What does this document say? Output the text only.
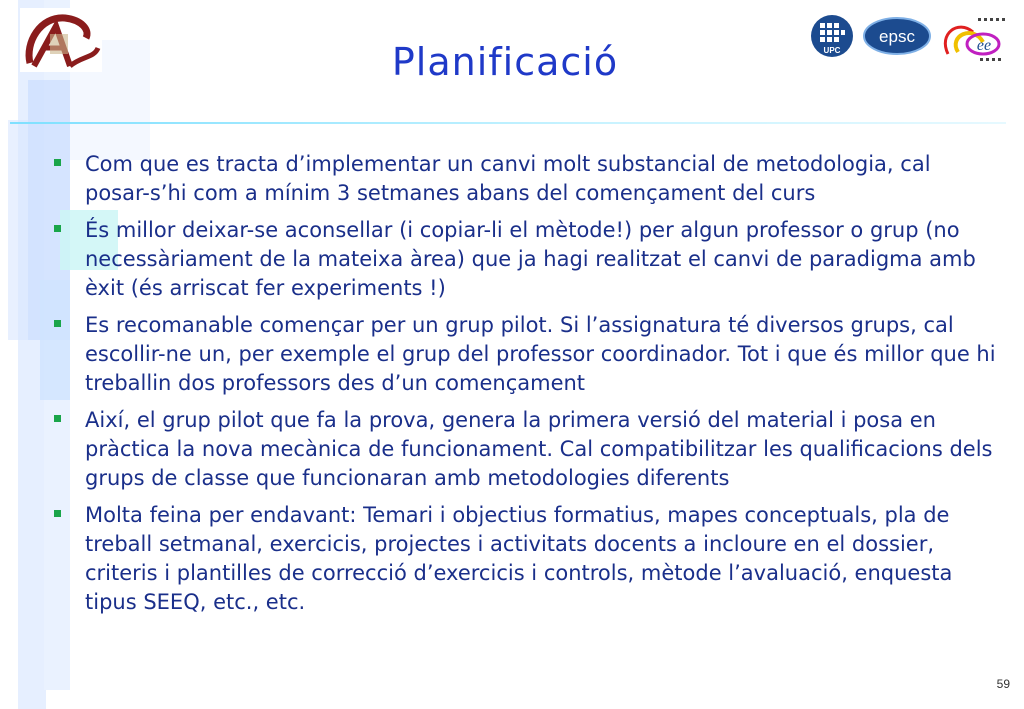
UPC
epsc	ee
Planificació
Com que es tracta d’implementar un canvi molt substancial de metodologia, cal posar-s’hi com a mínim 3 setmanes abans del començament del curs
És millor deixar-se aconsellar (i copiar-li el mètode!) per algun professor o grup (no necessàriament de la mateixa àrea) que ja hagi realitzat el canvi de paradigma amb èxit (és arriscat fer experiments !)
Es recomanable començar per un grup pilot. Si l’assignatura té diversos grups, cal escollir-ne un, per exemple el grup del professor coordinador. Tot i que és millor que hi treballin dos professors des d’un començament
Així, el grup pilot que fa la prova, genera la primera versió del material i posa en pràctica la nova mecànica de funcionament. Cal compatibilitzar les qualificacions dels grups de classe que funcionaran amb metodologies diferents
Molta feina per endavant: Temari i objectius formatius, mapes conceptuals, pla de treball setmanal, exercicis, projectes i activitats docents a incloure en el dossier, criteris i plantilles de correcció d’exercicis i controls, mètode l’avaluació, enquesta tipus SEEQ, etc., etc.
59
